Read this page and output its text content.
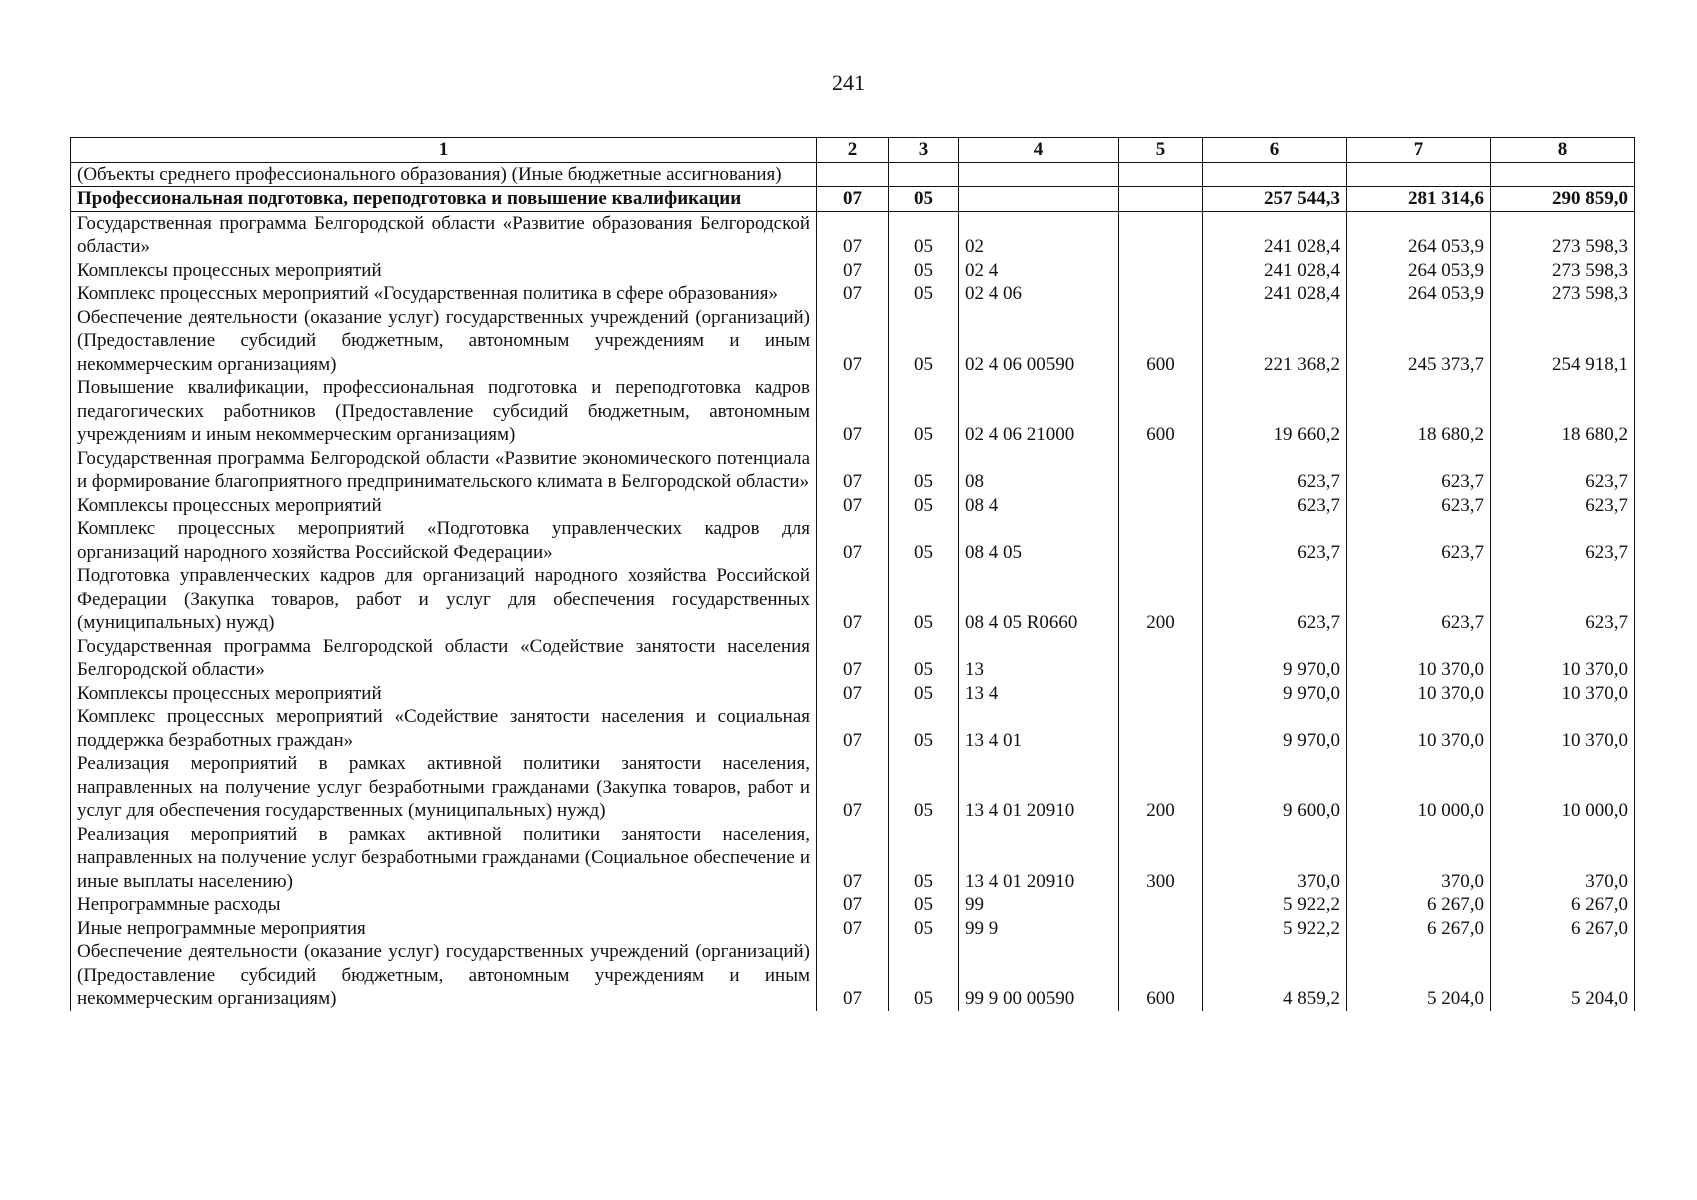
241
1	2	3	4	5	6	7	8
(Объекты среднего профессионального образования) (Иные бюджетные ассигнования)							
Профессиональная подготовка, переподготовка и повышение квалификации	07	05			257 544,3	281 314,6	290 859,0
Государственная программа Белгородской области «Развитие образования Белгородской области»	07	05	02		241 028,4	264 053,9	273 598,3
Комплексы процессных мероприятий	07	05	02 4		241 028,4	264 053,9	273 598,3
Комплекс процессных мероприятий «Государственная политика в сфере образования»	07	05	02 4 06		241 028,4	264 053,9	273 598,3
Обеспечение деятельности (оказание услуг) государственных учреждений (организаций) (Предоставление субсидий бюджетным, автономным учреждениям и иным некоммерческим организациям)	07	05	02 4 06 00590	600	221 368,2	245 373,7	254 918,1
Повышение квалификации, профессиональная подготовка и переподготовка кадров педагогических работников (Предоставление субсидий бюджетным, автономным учреждениям и иным некоммерческим организациям)	07	05	02 4 06 21000	600	19 660,2	18 680,2	18 680,2
Государственная программа Белгородской области «Развитие экономического потенциала и формирование благоприятного предпринимательского климата в Белгородской области»	07	05	08		623,7	623,7	623,7
Комплексы процессных мероприятий	07	05	08 4		623,7	623,7	623,7
Комплекс процессных мероприятий «Подготовка управленческих кадров для организаций народного хозяйства Российской Федерации»	07	05	08 4 05		623,7	623,7	623,7
Подготовка управленческих кадров для организаций народного хозяйства Российской Федерации (Закупка товаров, работ и услуг для обеспечения государственных (муниципальных) нужд)	07	05	08 4 05 R0660	200	623,7	623,7	623,7
Государственная программа Белгородской области «Содействие занятости населения Белгородской области»	07	05	13		9 970,0	10 370,0	10 370,0
Комплексы процессных мероприятий	07	05	13 4		9 970,0	10 370,0	10 370,0
Комплекс процессных мероприятий «Содействие занятости населения и социальная поддержка безработных граждан»	07	05	13 4 01		9 970,0	10 370,0	10 370,0
Реализация мероприятий в рамках активной политики занятости населения, направленных на получение услуг безработными гражданами (Закупка товаров, работ и услуг для обеспечения государственных (муниципальных) нужд)	07	05	13 4 01 20910	200	9 600,0	10 000,0	10 000,0
Реализация мероприятий в рамках активной политики занятости населения, направленных на получение услуг безработными гражданами (Социальное обеспечение и иные выплаты населению)	07	05	13 4 01 20910	300	370,0	370,0	370,0
Непрограммные расходы	07	05	99		5 922,2	6 267,0	6 267,0
Иные непрограммные мероприятия	07	05	99 9		5 922,2	6 267,0	6 267,0
Обеспечение деятельности (оказание услуг) государственных учреждений (организаций) (Предоставление субсидий бюджетным, автономным учреждениям и иным некоммерческим организациям)	07	05	99 9 00 00590	600	4 859,2	5 204,0	5 204,0
